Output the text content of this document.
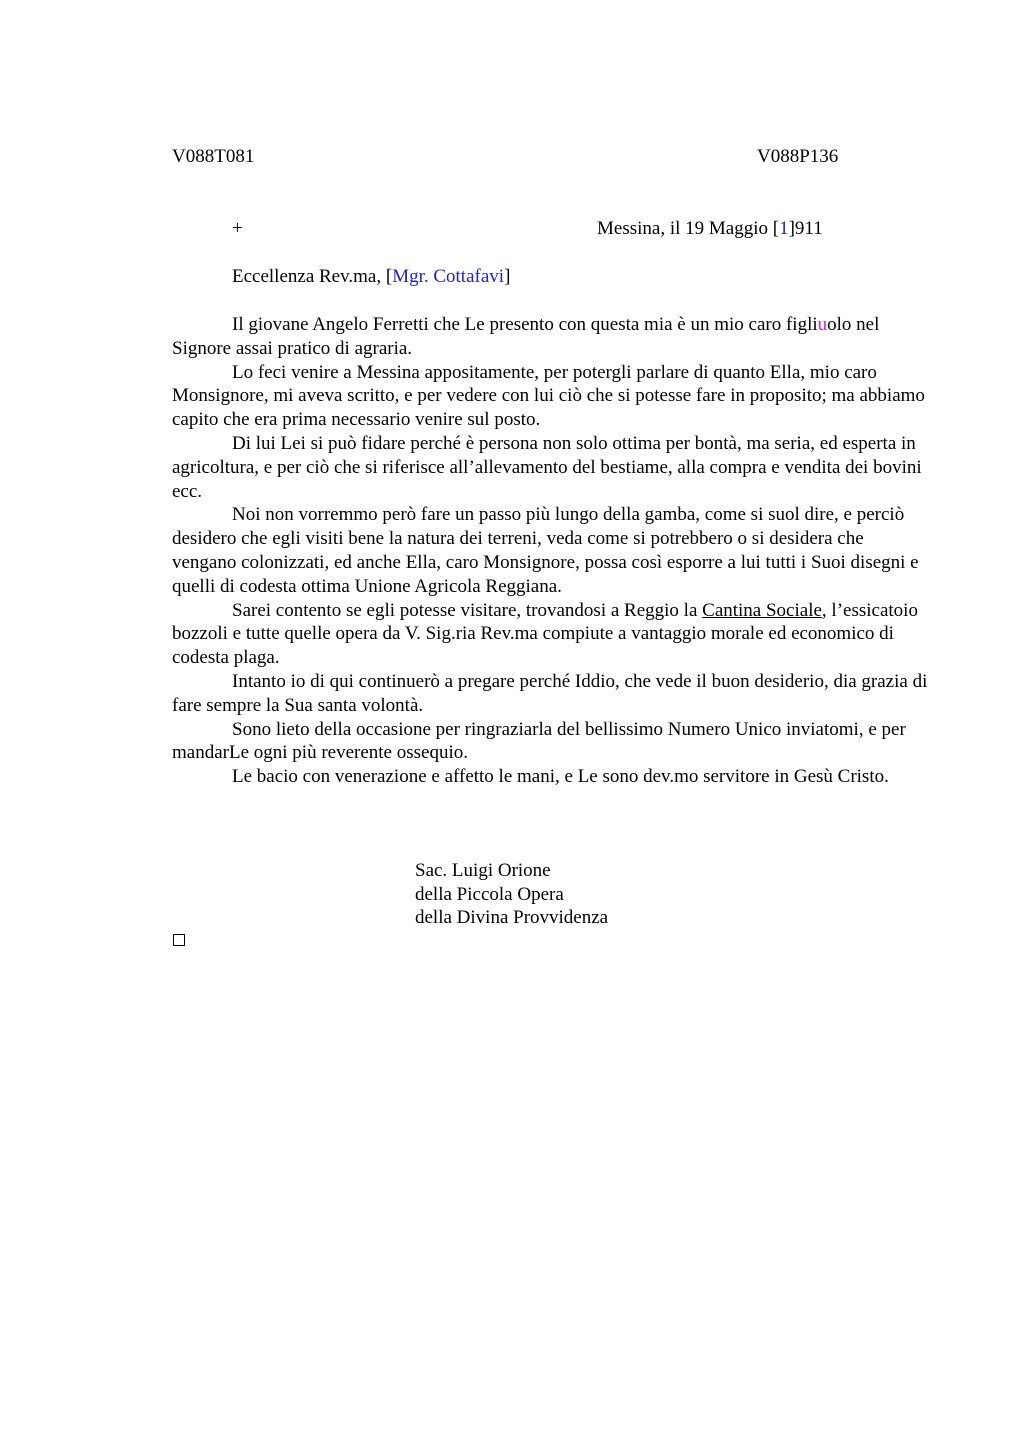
V088T081	V088P136
+	Messina, il 19 Maggio [1]911
Eccellenza Rev.ma, [Mgr. Cottafavi]

Il giovane Angelo Ferretti che Le presento con questa mia è un mio caro figliuolo nel Signore assai pratico di agraria.

Lo feci venire a Messina appositamente, per potergli parlare di quanto Ella, mio caro Monsignore, mi aveva scritto, e per vedere con lui ciò che si potesse fare in proposito; ma abbiamo capito che era prima necessario venire sul posto.

Di lui Lei si può fidare perché è persona non solo ottima per bontà, ma seria, ed esperta in agricoltura, e per ciò che si riferisce all’allevamento del bestiame, alla compra e vendita dei bovini ecc.

Noi non vorremmo però fare un passo più lungo della gamba, come si suol dire, e perciò desidero che egli visiti bene la natura dei terreni, veda come si potrebbero o si desidera che vengano colonizzati, ed anche Ella, caro Monsignore, possa così esporre a lui tutti i Suoi disegni e quelli di codesta ottima Unione Agricola Reggiana.

Sarei contento se egli potesse visitare, trovandosi a Reggio la Cantina Sociale, l’essicatoio bozzoli e tutte quelle opera da V. Sig.ria Rev.ma compiute a vantaggio morale ed economico di codesta plaga.

Intanto io di qui continuerò a pregare perché Iddio, che vede il buon desiderio, dia grazia di fare sempre la Sua santa volontà.

Sono lieto della occasione per ringraziarla del bellissimo Numero Unico inviatomi, e per mandarLe ogni più reverente ossequio.

Le bacio con venerazione e affetto le mani, e Le sono dev.mo servitore in Gesù Cristo.

Sac. Luigi Orione
della Piccola Opera
della Divina Provvidenza
